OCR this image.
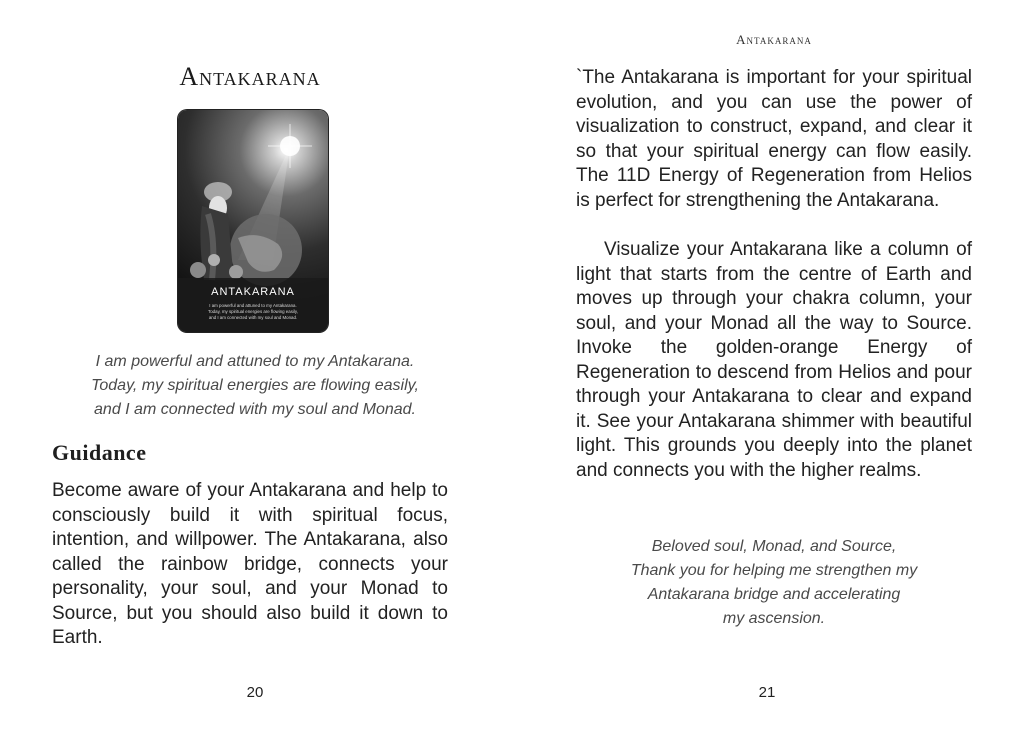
Antakarana
ANTAKARANA
I am powerful and attuned to my Antakarana.
Today, my spiritual energies are flowing easily,
and I am connected with my soul and Monad.
I am powerful and attuned to my Antakarana.
Today, my spiritual energies are flowing easily,
and I am connected with my soul and Monad.
Guidance
Become aware of your Antakarana and help to consciously build it with spiritual focus, intention, and willpower. The Antakarana, also called the rainbow bridge, connects your personality, your soul, and your Monad to Source, but you should also build it down to Earth.
20
Antakarana
`The Antakarana is important for your spiritual evolution, and you can use the power of visualization to construct, expand, and clear it so that your spiritual energy can flow easily. The 11D Energy of Regeneration from Helios is perfect for strengthening the Antakarana.
Visualize your Antakarana like a column of light that starts from the centre of Earth and moves up through your chakra column, your soul, and your Monad all the way to Source. Invoke the golden-orange Energy of Regeneration to descend from Helios and pour through your Antakarana to clear and expand it. See your Antakarana shimmer with beautiful light. This grounds you deeply into the planet and connects you with the higher realms.
Beloved soul, Monad, and Source,
Thank you for helping me strengthen my
Antakarana bridge and accelerating
my ascension.
21
